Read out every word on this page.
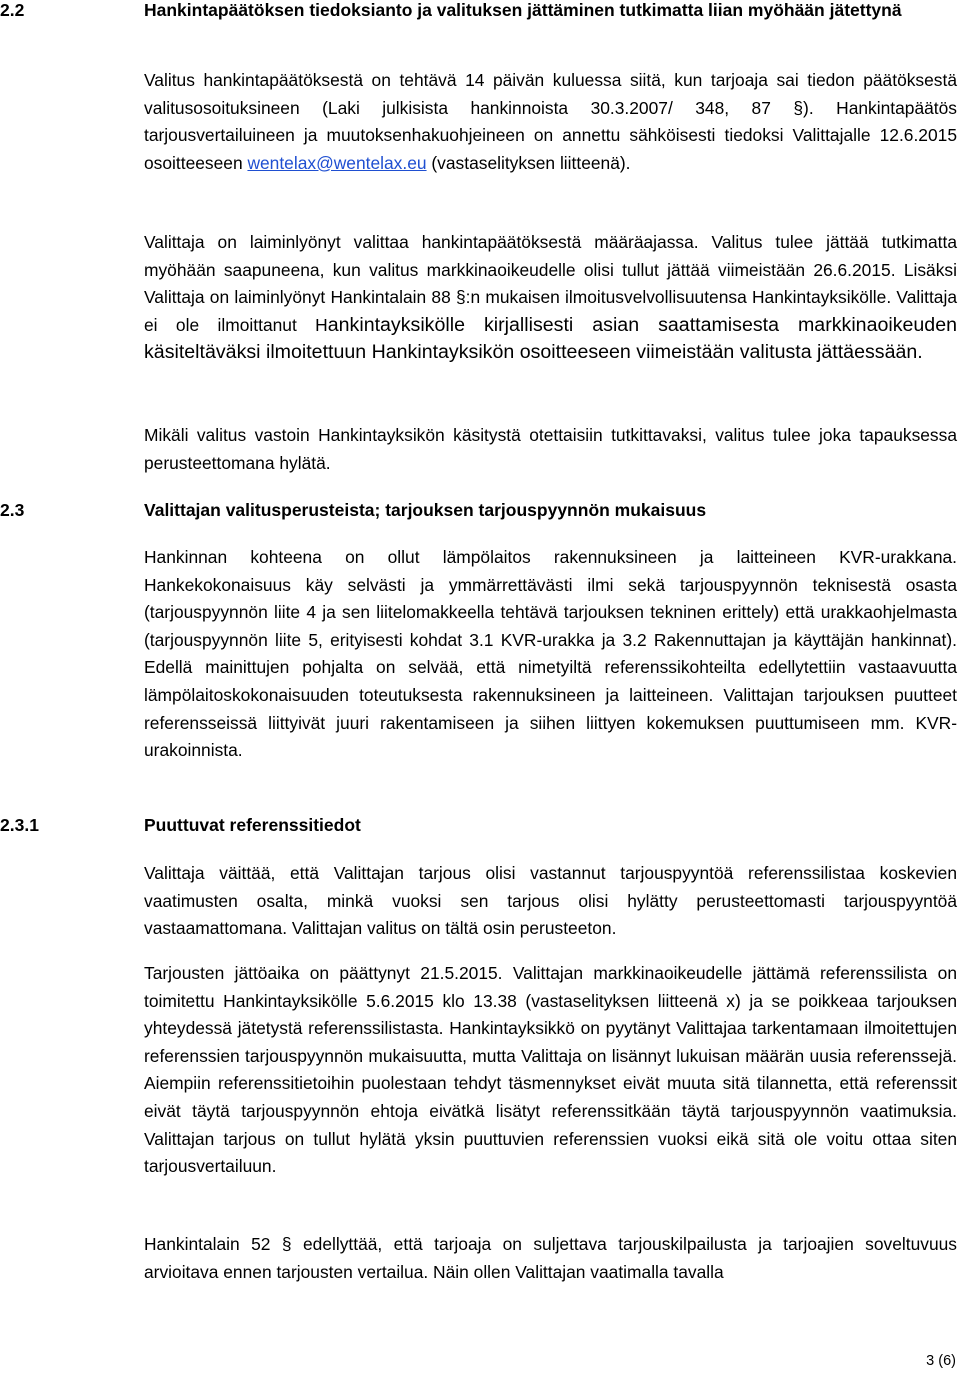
2.2	Hankintapäätöksen tiedoksianto ja valituksen jättäminen tutkimatta liian myöhään jätettynä
Valitus hankintapäätöksestä on tehtävä 14 päivän kuluessa siitä, kun tarjoaja sai tiedon päätöksestä valitusosoituksineen (Laki julkisista hankinnoista 30.3.2007/ 348, 87 §). Hankintapäätös tarjousvertailuineen ja muutoksenhakuohjeineen on annettu sähköisesti tiedoksi Valittajalle 12.6.2015 osoitteeseen wentelax@wentelax.eu (vastaselityksen liitteenä).
Valittaja on laiminlyönyt valittaa hankintapäätöksestä määräajassa. Valitus tulee jättää tutkimatta myöhään saapuneena, kun valitus markkinaoikeudelle olisi tullut jättää viimeistään 26.6.2015. Lisäksi Valittaja on laiminlyönyt Hankintalain 88 §:n mukaisen ilmoitusvelvollisuutensa Hankintayksikölle. Valittaja ei ole ilmoittanut Hankintayksikölle kirjallisesti asian saattamisesta markkinaoikeuden käsiteltäväksi ilmoitettuun Hankintayksikön osoitteeseen viimeistään valitusta jättäessään.
Mikäli valitus vastoin Hankintayksikön käsitystä otettaisiin tutkittavaksi, valitus tulee joka tapauksessa perusteettomana hylätä.
2.3	Valittajan valitusperusteista; tarjouksen tarjouspyynnön mukaisuus
Hankinnan kohteena on ollut lämpölaitos rakennuksineen ja laitteineen KVR-urakkana. Hankekokonaisuus käy selvästi ja ymmärrettävästi ilmi sekä tarjouspyynnön teknisestä osasta (tarjouspyynnön liite 4 ja sen liitelomakkeella tehtävä tarjouksen tekninen erittely) että urakkaohjelmasta (tarjouspyynnön liite 5, erityisesti kohdat 3.1 KVR-urakka ja 3.2 Rakennuttajan ja käyttäjän hankinnat). Edellä mainittujen pohjalta on selvää, että nimetyiltä referenssikohteilta edellytettiin vastaavuutta lämpölaitoskokonaisuuden toteutuksesta rakennuksineen ja laitteineen. Valittajan tarjouksen puutteet referensseissä liittyivät juuri rakentamiseen ja siihen liittyen kokemuksen puuttumiseen mm. KVR-urakoinnista.
2.3.1	Puuttuvat referenssitiedot
Valittaja väittää, että Valittajan tarjous olisi vastannut tarjouspyyntöä referenssilistaa koskevien vaatimusten osalta, minkä vuoksi sen tarjous olisi hylätty perusteettomasti tarjouspyyntöä vastaamattomana. Valittajan valitus on tältä osin perusteeton.
Tarjousten jättöaika on päättynyt 21.5.2015. Valittajan markkinaoikeudelle jättämä referenssilista on toimitettu Hankintayksikölle 5.6.2015 klo 13.38 (vastaselityksen liitteenä x) ja se poikkeaa tarjouksen yhteydessä jätetystä referenssilistasta. Hankintayksikkö on pyytänyt Valittajaa tarkentamaan ilmoitettujen referenssien tarjouspyynnön mukaisuutta, mutta Valittaja on lisännyt lukuisan määrän uusia referenssejä. Aiempiin referenssitietoihin puolestaan tehdyt täsmennykset eivät muuta sitä tilannetta, että referenssit eivät täytä tarjouspyynnön ehtoja eivätkä lisätyt referenssitkään täytä tarjouspyynnön vaatimuksia. Valittajan tarjous on tullut hylätä yksin puuttuvien referenssien vuoksi eikä sitä ole voitu ottaa siten tarjousvertailuun.
Hankintalain 52 § edellyttää, että tarjoaja on suljettava tarjouskilpailusta ja tarjoajien soveltuvuus arvioitava ennen tarjousten vertailua. Näin ollen Valittajan vaatimalla tavalla
3 (6)
